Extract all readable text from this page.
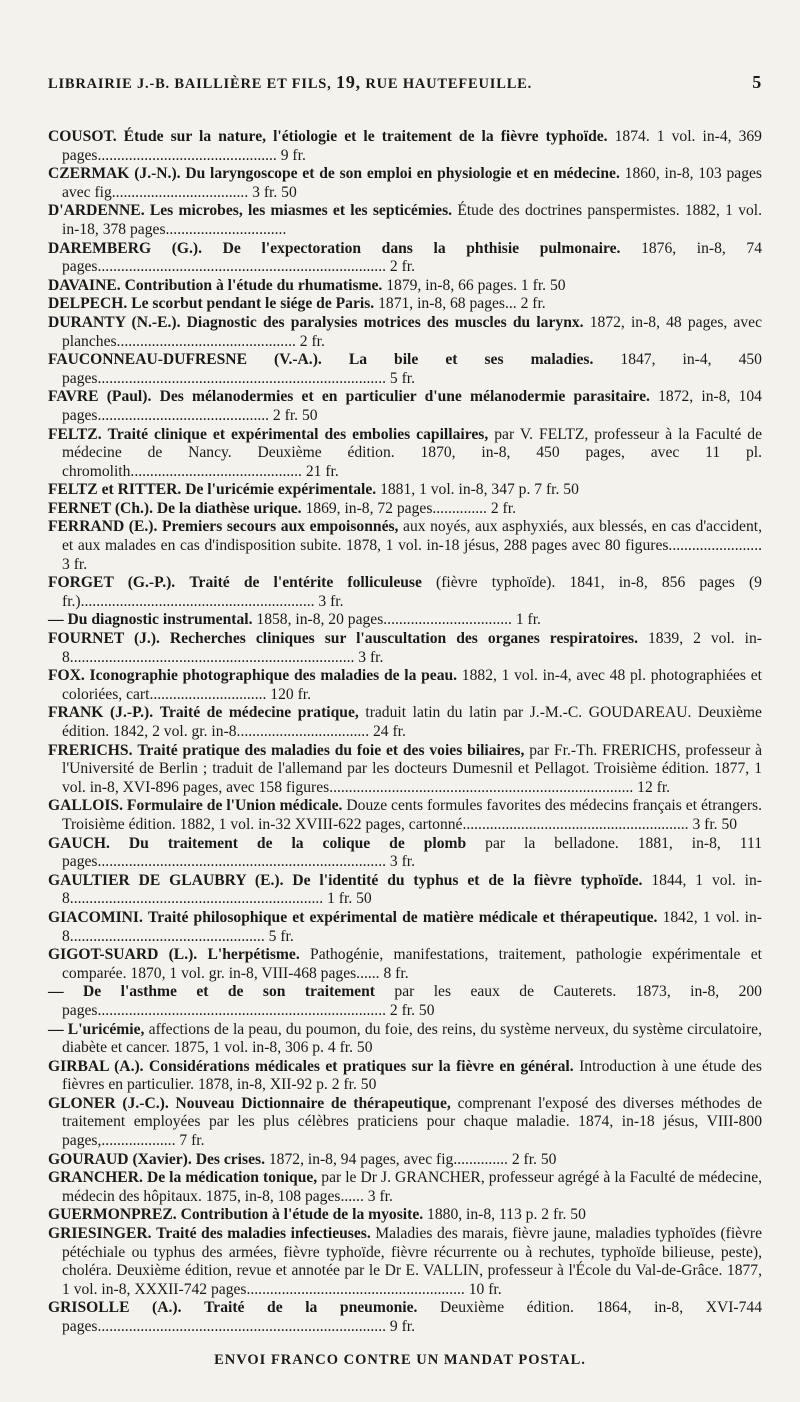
LIBRAIRIE J.-B. BAILLIÈRE ET FILS, 19, RUE HAUTEFEUILLE.	5

COUSOT. Étude sur la nature, l'étiologie et le traitement de la fièvre typhoïde. 1874. 1 vol. in-4, 369 pages.............................................. 9 fr.

CZERMAK (J.-N.). Du laryngoscope et de son emploi en physiologie et en médecine. 1860, in-8, 103 pages avec fig................................... 3 fr. 50

D'ARDENNE. Les microbes, les miasmes et les septicémies. Étude des doctrines panspermistes. 1882, 1 vol. in-18, 378 pages...............................

DAREMBERG (G.). De l'expectoration dans la phthisie pulmonaire. 1876, in-8, 74 pages.......................................................................... 2 fr.

DAVAINE. Contribution à l'étude du rhumatisme. 1879, in-8, 66 pages. 1 fr. 50

DELPECH. Le scorbut pendant le siége de Paris. 1871, in-8, 68 pages... 2 fr.

DURANTY (N.-E.). Diagnostic des paralysies motrices des muscles du larynx. 1872, in-8, 48 pages, avec planches.............................................. 2 fr.

FAUCONNEAU-DUFRESNE (V.-A.). La bile et ses maladies. 1847, in-4, 450 pages.......................................................................... 5 fr.

FAVRE (Paul). Des mélanodermies et en particulier d'une mélanodermie parasitaire. 1872, in-8, 104 pages............................................ 2 fr. 50

FELTZ. Traité clinique et expérimental des embolies capillaires, par V. FELTZ, professeur à la Faculté de médecine de Nancy. Deuxième édition. 1870, in-8, 450 pages, avec 11 pl. chromolith............................................ 21 fr.

FELTZ et RITTER. De l'uricémie expérimentale. 1881, 1 vol. in-8, 347 p. 7 fr. 50

FERNET (Ch.). De la diathèse urique. 1869, in-8, 72 pages.............. 2 fr.

FERRAND (E.). Premiers secours aux empoisonnés, aux noyés, aux asphyxiés, aux blessés, en cas d'accident, et aux malades en cas d'indisposition subite. 1878, 1 vol. in-18 jésus, 288 pages avec 80 figures........................ 3 fr.

FORGET (G.-P.). Traité de l'entérite folliculeuse (fièvre typhoïde). 1841, in-8, 856 pages (9 fr.)............................................................ 3 fr.

— Du diagnostic instrumental. 1858, in-8, 20 pages................................. 1 fr.

FOURNET (J.). Recherches cliniques sur l'auscultation des organes respiratoires. 1839, 2 vol. in-8......................................................................... 3 fr.

FOX. Iconographie photographique des maladies de la peau. 1882, 1 vol. in-4, avec 48 pl. photographiées et coloriées, cart.............................. 120 fr.

FRANK (J.-P.). Traité de médecine pratique, traduit latin du latin par J.-M.-C. GOUDAREAU. Deuxième édition. 1842, 2 vol. gr. in-8.................................. 24 fr.

FRERICHS. Traité pratique des maladies du foie et des voies biliaires, par Fr.-Th. FRERICHS, professeur à l'Université de Berlin ; traduit de l'allemand par les docteurs Dumesnil et Pellagot. Troisième édition. 1877, 1 vol. in-8, XVI-896 pages, avec 158 figures.............................................................................. 12 fr.

GALLOIS. Formulaire de l'Union médicale. Douze cents formules favorites des médecins français et étrangers. Troisième édition. 1882, 1 vol. in-32 XVIII-622 pages, cartonné.......................................................... 3 fr. 50

GAUCH. Du traitement de la colique de plomb par la belladone. 1881, in-8, 111 pages.......................................................................... 3 fr.

GAULTIER DE GLAUBRY (E.). De l'identité du typhus et de la fièvre typhoïde. 1844, 1 vol. in-8................................................................. 1 fr. 50

GIACOMINI. Traité philosophique et expérimental de matière médicale et thérapeutique. 1842, 1 vol. in-8.................................................. 5 fr.

GIGOT-SUARD (L.). L'herpétisme. Pathogénie, manifestations, traitement, pathologie expérimentale et comparée. 1870, 1 vol. gr. in-8, VIII-468 pages...... 8 fr.

— De l'asthme et de son traitement par les eaux de Cauterets. 1873, in-8, 200 pages.......................................................................... 2 fr. 50

— L'uricémie, affections de la peau, du poumon, du foie, des reins, du système nerveux, du système circulatoire, diabète et cancer. 1875, 1 vol. in-8, 306 p. 4 fr. 50

GIRBAL (A.). Considérations médicales et pratiques sur la fièvre en général. Introduction à une étude des fièvres en particulier. 1878, in-8, XII-92 p. 2 fr. 50

GLONER (J.-C.). Nouveau Dictionnaire de thérapeutique, comprenant l'exposé des diverses méthodes de traitement employées par les plus célèbres praticiens pour chaque maladie. 1874, in-18 jésus, VIII-800 pages,................... 7 fr.

GOURAUD (Xavier). Des crises. 1872, in-8, 94 pages, avec fig.............. 2 fr. 50

GRANCHER. De la médication tonique, par le Dr J. GRANCHER, professeur agrégé à la Faculté de médecine, médecin des hôpitaux. 1875, in-8, 108 pages...... 3 fr.

GUERMONPREZ. Contribution à l'étude de la myosite. 1880, in-8, 113 p. 2 fr. 50

GRIESINGER. Traité des maladies infectieuses. Maladies des marais, fièvre jaune, maladies typhoïdes (fièvre pétéchiale ou typhus des armées, fièvre typhoïde, fièvre récurrente ou à rechutes, typhoïde bilieuse, peste), choléra. Deuxième édition, revue et annotée par le Dr E. VALLIN, professeur à l'École du Val-de-Grâce. 1877, 1 vol. in-8, XXXII-742 pages........................................................ 10 fr.

GRISOLLE (A.). Traité de la pneumonie. Deuxième édition. 1864, in-8, XVI-744 pages.......................................................................... 9 fr.

ENVOI FRANCO CONTRE UN MANDAT POSTAL.
